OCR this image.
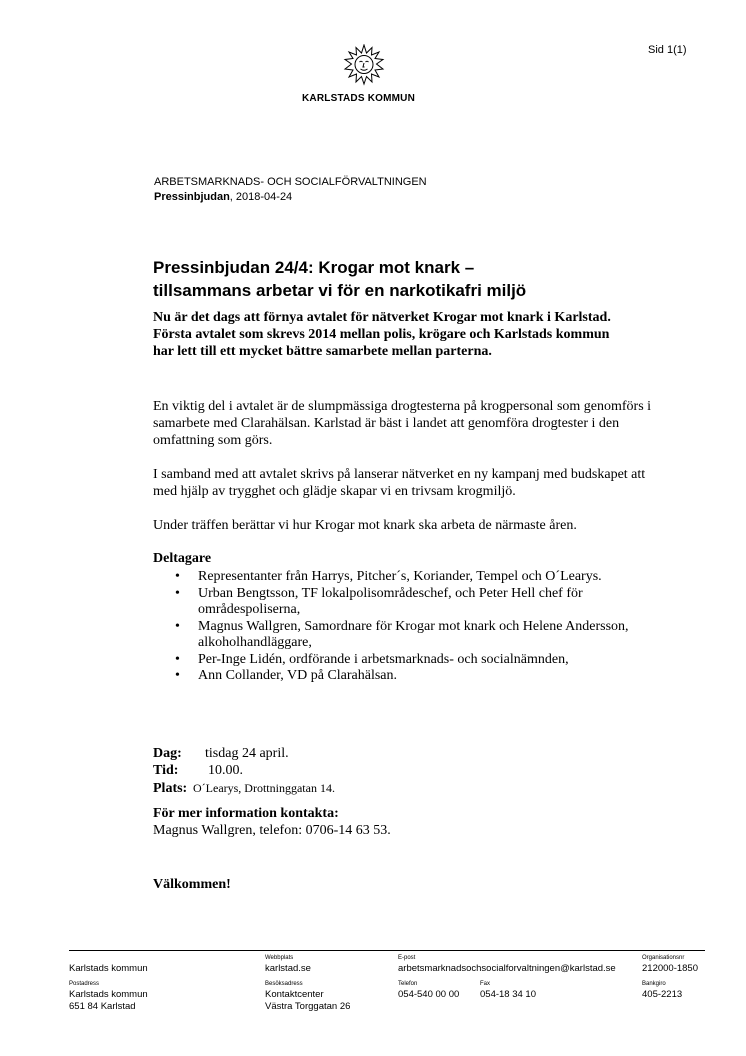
Sid 1(1)
KARLSTADS KOMMUN
ARBETSMARKNADS- OCH SOCIALFÖRVALTNINGEN
Pressinbjudan, 2018-04-24
Pressinbjudan 24/4: Krogar mot knark –
tillsammans arbetar vi för en narkotikafri miljö
Nu är det dags att förnya avtalet för nätverket Krogar mot knark i Karlstad. Första avtalet som skrevs 2014 mellan polis, krögare och Karlstads kommun har lett till ett mycket bättre samarbete mellan parterna.
En viktig del i avtalet är de slumpmässiga drogtesterna på krogpersonal som genomförs i samarbete med Clarahälsan. Karlstad är bäst i landet att genomföra drogtester i den omfattning som görs.
I samband med att avtalet skrivs på lanserar nätverket en ny kampanj med budskapet att med hjälp av trygghet och glädje skapar vi en trivsam krogmiljö.
Under träffen berättar vi hur Krogar mot knark ska arbeta de närmaste åren.
Deltagare
• Representanter från Harrys, Pitcher´s, Koriander, Tempel och O´Learys.
• Urban Bengtsson, TF lokalpolisområdeschef, och Peter Hell chef för områdespoliserna,
• Magnus Wallgren, Samordnare för Krogar mot knark och Helene Andersson, alkoholhandläggare,
• Per-Inge Lidén, ordförande i arbetsmarknads- och socialnämnden,
• Ann Collander, VD på Clarahälsan.
Dag: tisdag 24 april.
Tid: 10.00.
Plats: O´Learys, Drottninggatan 14.
För mer information kontakta:
Magnus Wallgren, telefon: 0706-14 63 53.
Välkommen!
Karlstads kommun
Webbplats
karlstad.se
E-post
arbetsmarknadsochsocialforvaltningen@karlstad.se
Organisationsnr
212000-1850
Postadress
Karlstads kommun
651 84 Karlstad
Besöksadress
Kontaktcenter
Västra Torggatan 26
Telefon
054-540 00 00
Fax
054-18 34 10
Bankgiro
405-2213
